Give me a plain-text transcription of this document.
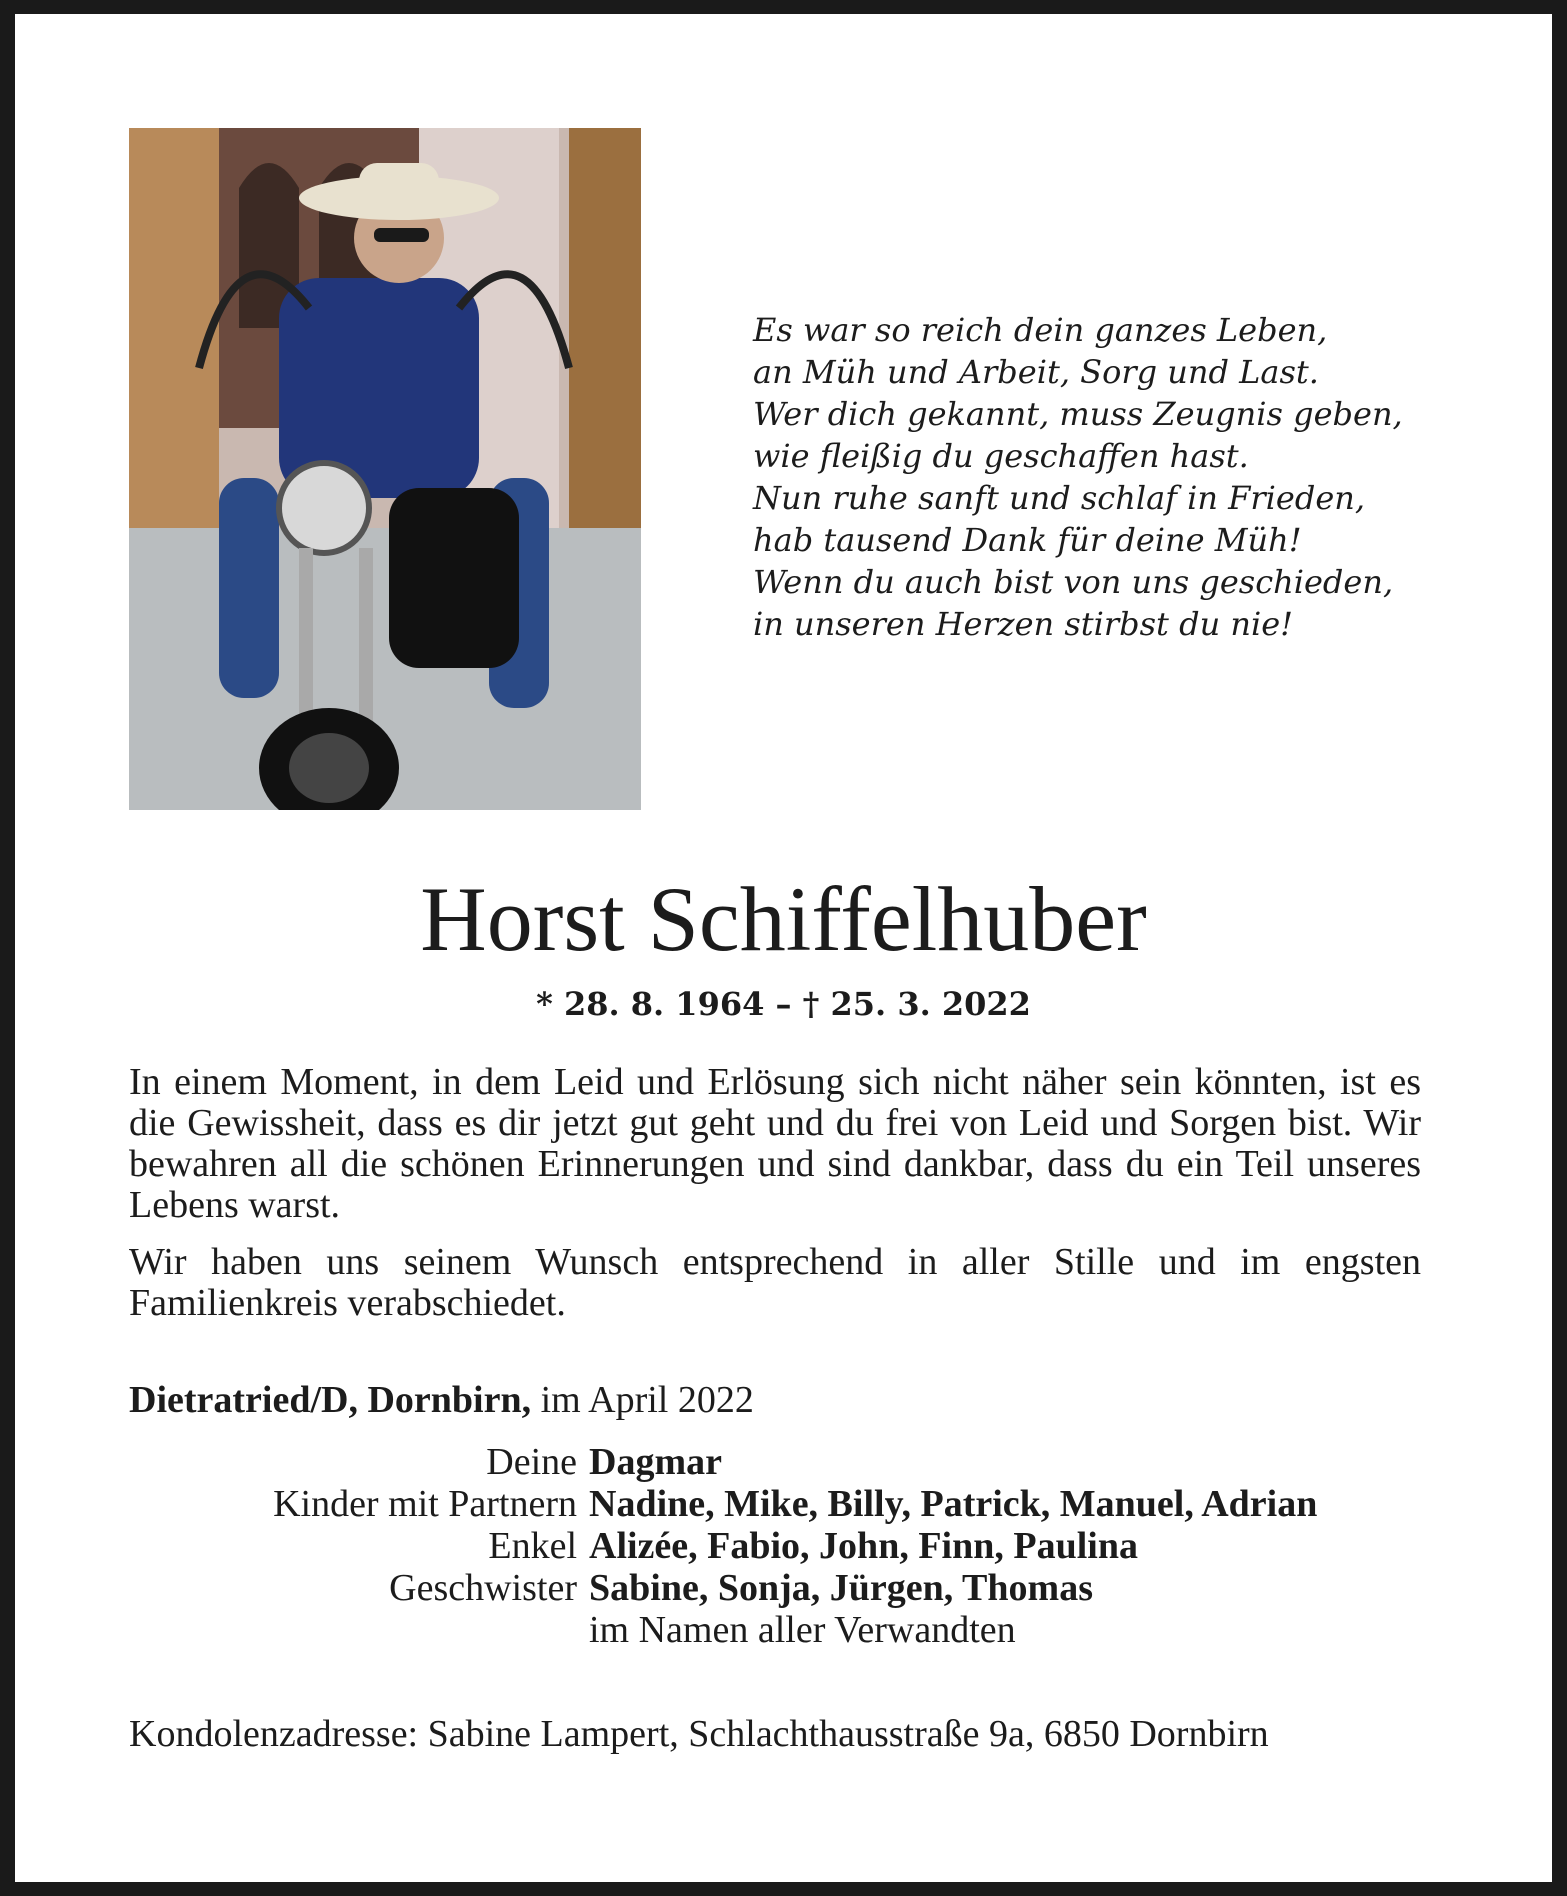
Es war so reich dein ganzes Leben,
an Müh und Arbeit, Sorg und Last.
Wer dich gekannt, muss Zeugnis geben,
wie fleißig du geschaffen hast.
Nun ruhe sanft und schlaf in Frieden,
hab tausend Dank für deine Müh!
Wenn du auch bist von uns geschieden,
in unseren Herzen stirbst du nie!
Horst Schiffelhuber
* 28. 8. 1964 – † 25. 3. 2022
In einem Moment, in dem Leid und Erlösung sich nicht näher sein könnten, ist es die Gewissheit, dass es dir jetzt gut geht und du frei von Leid und Sorgen bist. Wir bewahren all die schönen Erinnerungen und sind dankbar, dass du ein Teil unseres Lebens warst.
Wir haben uns seinem Wunsch entsprechend in aller Stille und im engsten Familienkreis verabschiedet.
Dietratried/D, Dornbirn, im April 2022
Deine Dagmar
Kinder mit Partnern Nadine, Mike, Billy, Patrick, Manuel, Adrian
Enkel Alizée, Fabio, John, Finn, Paulina
Geschwister Sabine, Sonja, Jürgen, Thomas
im Namen aller Verwandten
Kondolenzadresse: Sabine Lampert, Schlachthausstraße 9a, 6850 Dornbirn
